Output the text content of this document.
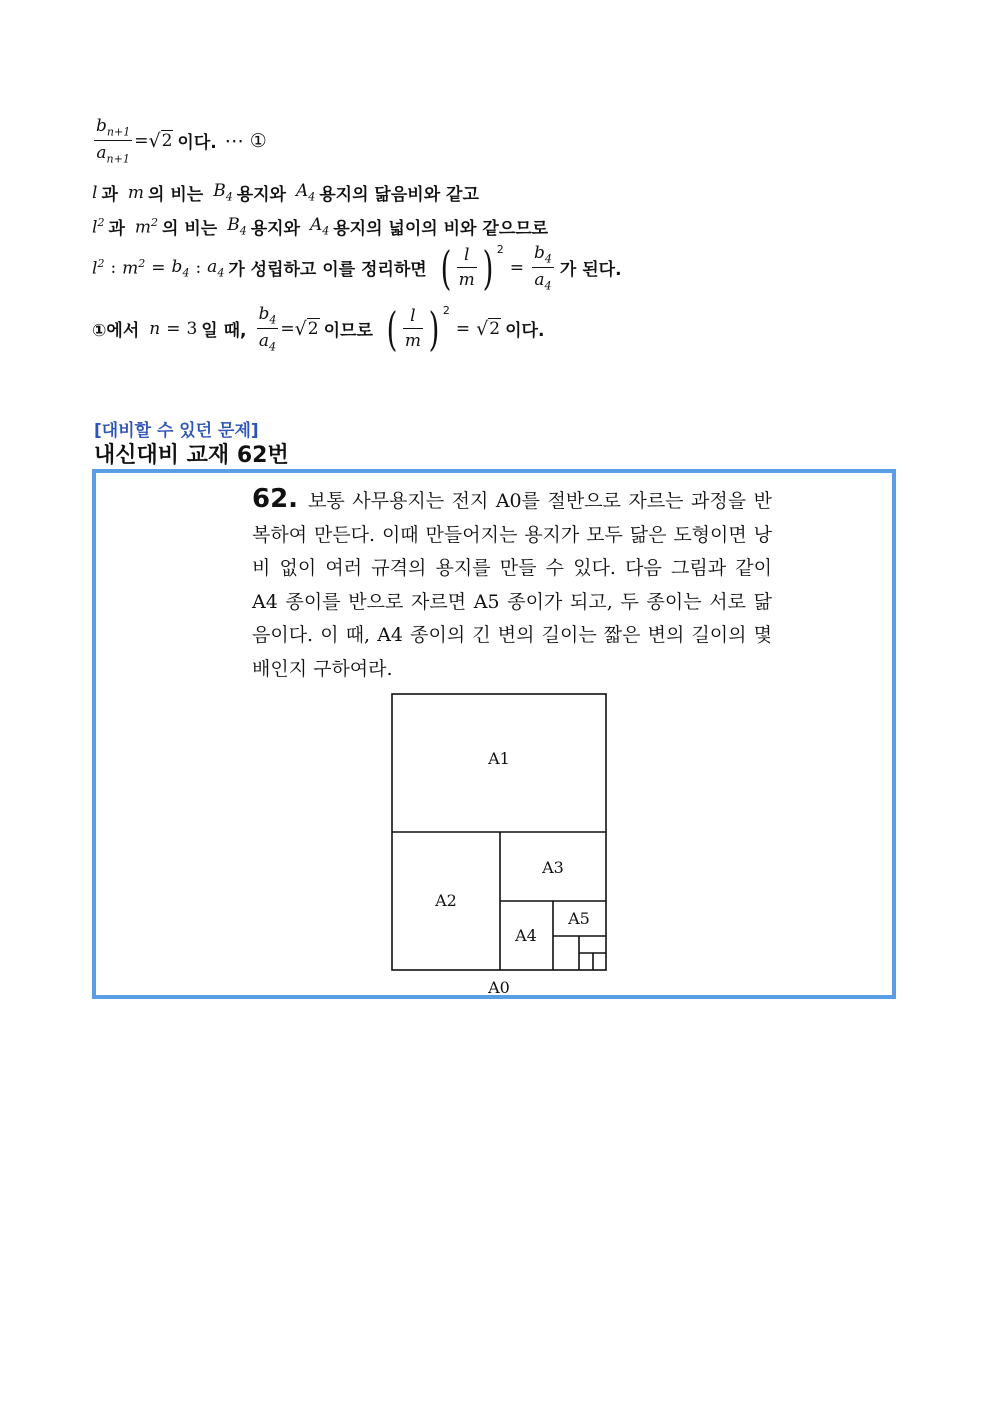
$\frac{b_{n+1}}{a_{n+1}}$ = √ 2 이다. ⋯ ①
l 과 m 의 비는 $B_4$ 용지와 $A_4$ 용지의 닮음비와 같고
$l^2$ 과 $m^2$ 의 비는 $B_4$ 용지와 $A_4$ 용지의 넓이의 비와 같으므로
$l^2$ : $m^2 = b_4$ : $a_4$ 가 성립하고 이를 정리하면 ( $\frac{l}{m}$ ) $^2$
= $\frac{b_4}{a_4}$ 가 된다.
①에서 n = 3 일 때, $\frac{b_4}{a_4}$ = √ 2 이므로 ( $\frac{l}{m}$ ) $^2$
= √ 2 이다.
[대비할 수 있던 문제]
내신대비 교재 62번
62. 보통 사무용지는 전지 A0를 절반으로 자르는 과정을 반복하여 만든다. 이때 만들어지는 용지가 모두 닮은 도형이면 낭비 없이 여러 규격의 용지를 만들 수 있다. 다음 그림과 같이 A4 종이를 반으로 자르면 A5 종이가 되고, 두 종이는 서로 닮음이다. 이 때, A4 종이의 긴 변의 길이는 짧은 변의 길이의 몇 배인지 구하여라.
A1
A2
A3
A4
A5
A0
